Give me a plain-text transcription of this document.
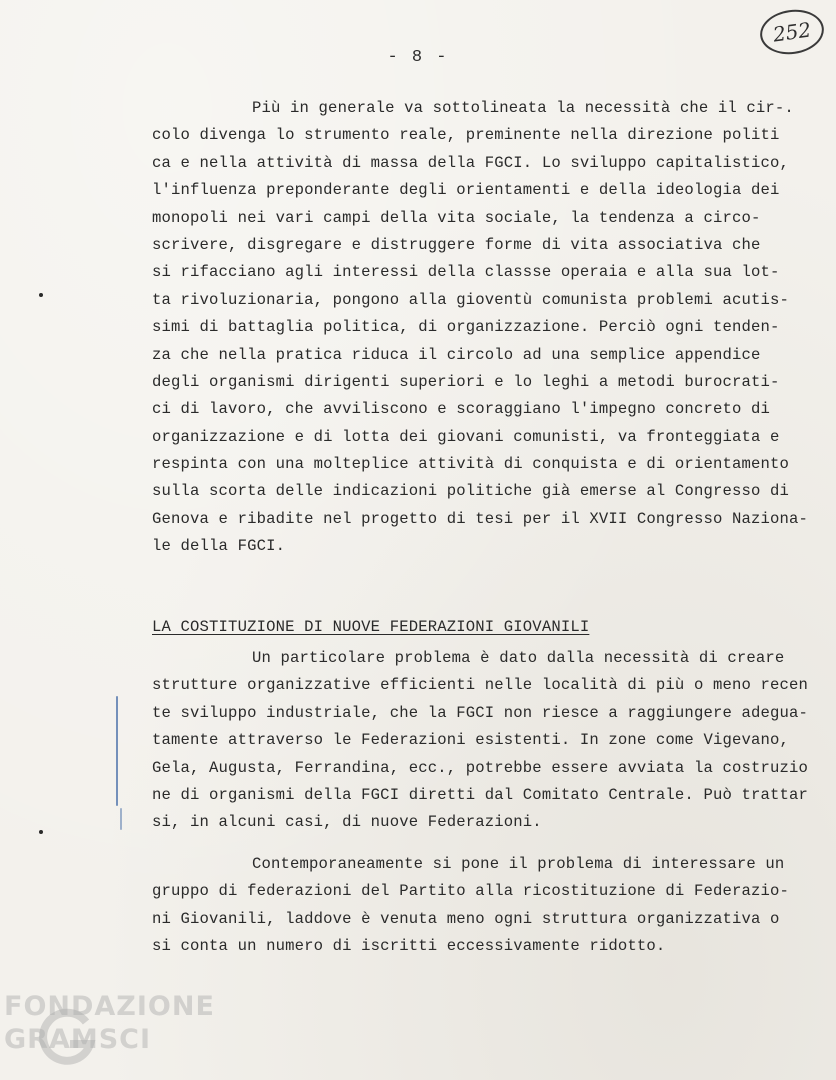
252
- 8 -
Più in generale va sottolineata la necessità che il cir-.
colo divenga lo strumento reale, preminente nella direzione politi
ca e nella attività di massa della FGCI. Lo sviluppo capitalistico,
l'influenza preponderante degli orientamenti e della ideologia dei
monopoli nei vari campi della vita sociale, la tendenza a circo-
scrivere, disgregare e distruggere forme di vita associativa che
si rifacciano agli interessi della classse operaia e alla sua lot-
ta rivoluzionaria, pongono alla gioventù comunista problemi acutis-
simi di battaglia politica, di organizzazione. Perciò ogni tenden-
za che nella pratica riduca il circolo ad una semplice appendice
degli organismi dirigenti superiori e lo leghi a metodi burocrati-
ci di lavoro, che avviliscono e scoraggiano l'impegno concreto di
organizzazione e di lotta dei giovani comunisti, va fronteggiata e
respinta con una molteplice attività di conquista e di orientamento
sulla scorta delle indicazioni politiche già emerse al Congresso di
Genova e ribadite nel progetto di tesi per il XVII Congresso Naziona-
le della FGCI.
LA COSTITUZIONE DI NUOVE FEDERAZIONI GIOVANILI
Un particolare problema è dato dalla necessità di creare
strutture organizzative efficienti nelle località di più o meno recen
te sviluppo industriale, che la FGCI non riesce a raggiungere adegua-
tamente attraverso le Federazioni esistenti. In zone come Vigevano,
Gela, Augusta, Ferrandina, ecc., potrebbe essere avviata la costruzio
ne di organismi della FGCI diretti dal Comitato Centrale. Può trattar
si, in alcuni casi, di nuove Federazioni.
Contemporaneamente si pone il problema di interessare un
gruppo di federazioni del Partito alla ricostituzione di Federazio-
ni Giovanili, laddove è venuta meno ogni struttura organizzativa o
si conta un numero di iscritti eccessivamente ridotto.
FONDAZIONE
GRAMSCI
